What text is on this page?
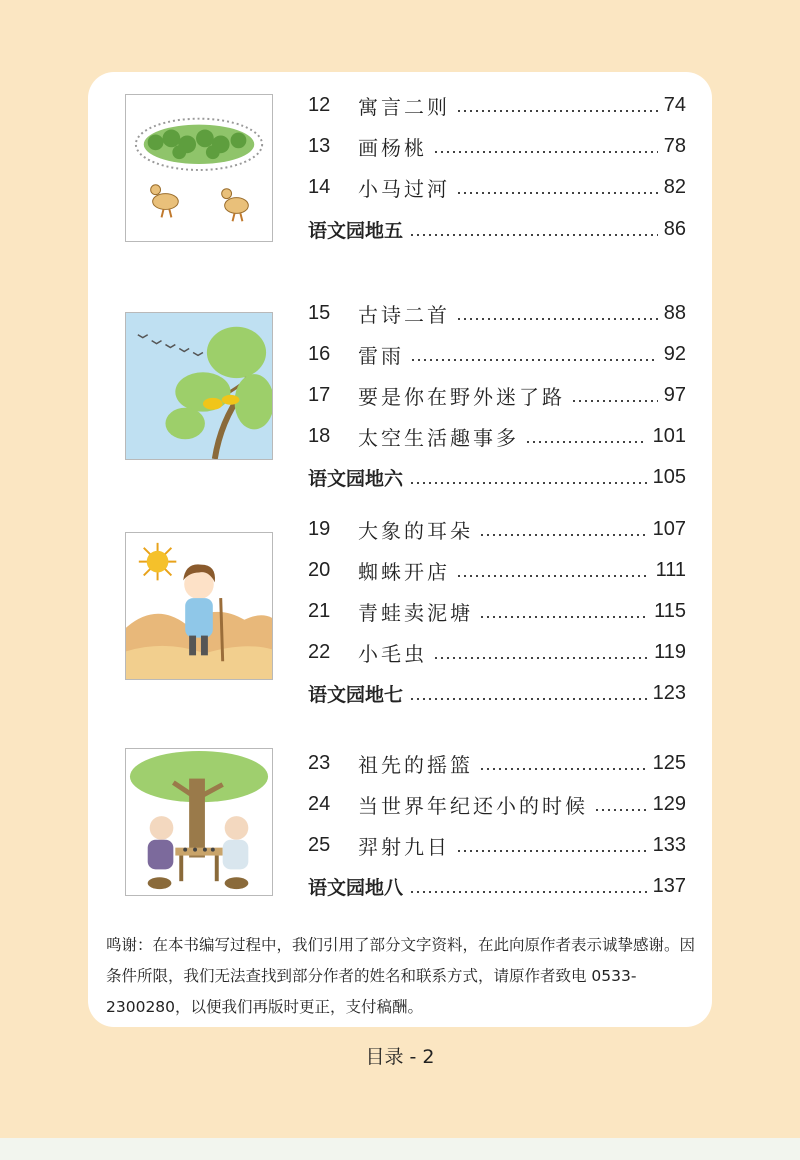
12	寓言二则	74
13	画杨桃	78
14	小马过河	82
语文园地五	86
15	古诗二首	88
16	雷雨	92
17	要是你在野外迷了路	97
18	太空生活趣事多	101
语文园地六	105
19	大象的耳朵	107
20	蜘蛛开店	111
21	青蛙卖泥塘	115
22	小毛虫	119
语文园地七	123
23	祖先的摇篮	125
24	当世界年纪还小的时候	129
25	羿射九日	133
语文园地八	137
鸣谢：在本书编写过程中，我们引用了部分文字资料，在此向原作者表示诚挚感谢。因条件所限，我们无法查找到部分作者的姓名和联系方式，请原作者致电 0533-2300280，以便我们再版时更正，支付稿酬。
目录 - 2
